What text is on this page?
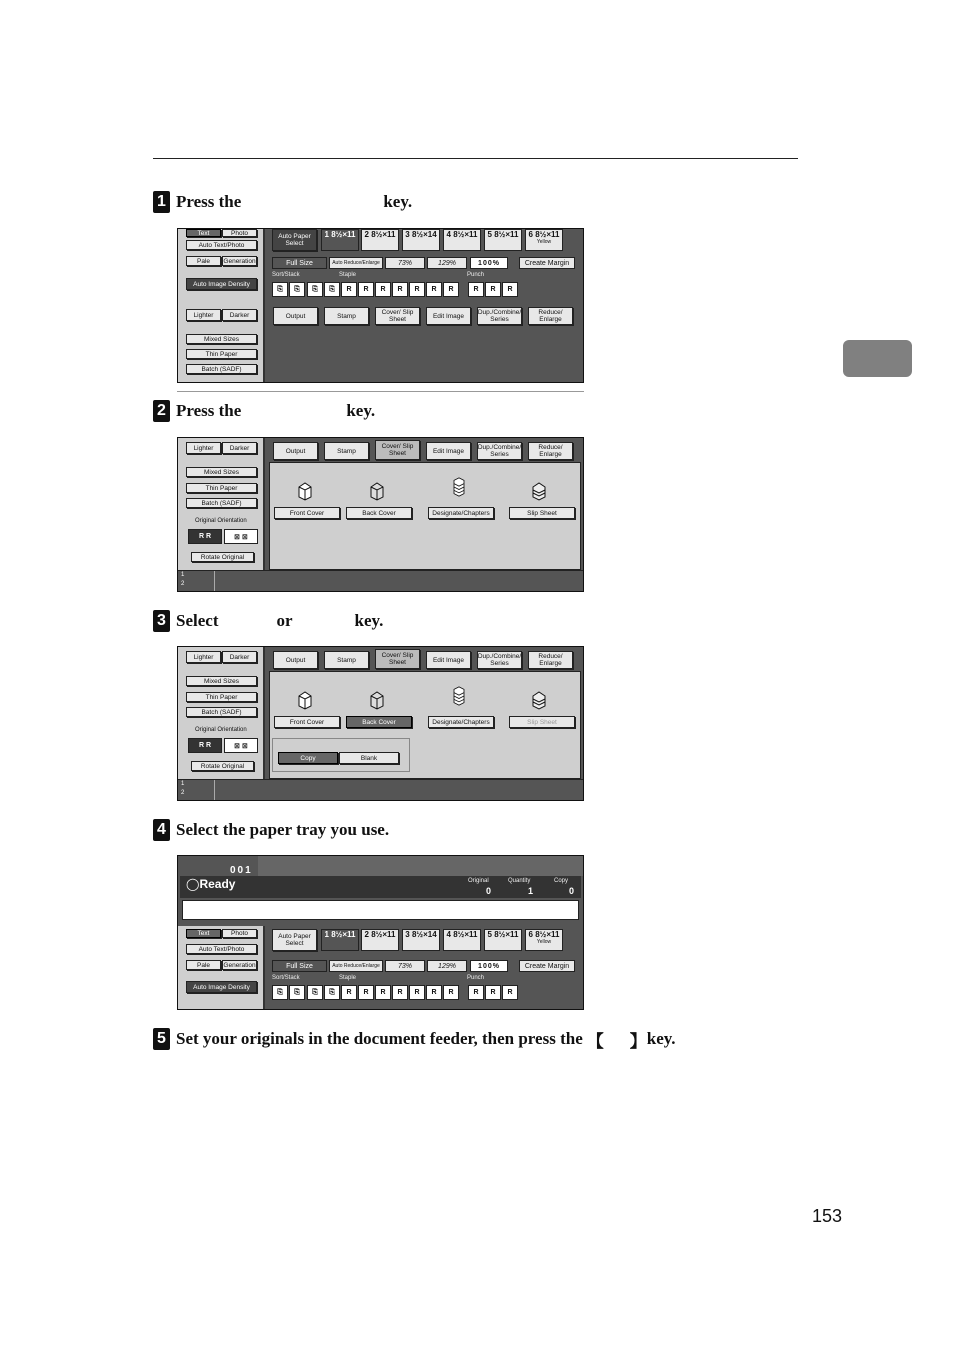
1 Press the	key.
Text	Photo
Auto Text/Photo
Pale	Generation
Auto Image Density
Lighter	Darker
Mixed Sizes
Thin Paper
Batch (SADF)
Auto Paper Select
1 8½×11	2 8½×11	3 8½×14	4 8½×11	5 8½×11	6 8½×11
Yellow
Full Size	Auto Reduce/Enlarge	73%	129%	100%	Create Margin
Sort/Stack	Staple	Punch
⎘	⎘	⎘	⎘	R	R	R	R	R	R	R	R	R	R
Output	Stamp	Cover/ Slip Sheet	Edit Image	Dup./Combine/ Series
Reduce/ Enlarge
2 Press the	key.
Lighter	Darker
Mixed Sizes
Thin Paper
Batch (SADF)
Original Orientation
R R	⊠ ⊠
Rotate Original
Output	Stamp
Cover/ Slip Sheet	Edit Image	Dup./Combine/ Series
Reduce/ Enlarge
Front Cover	Back Cover	Designate/Chapters	Slip Sheet
1
2
3 Select	or	key.
Lighter	Darker
Mixed Sizes
Thin Paper
Batch (SADF)
Original Orientation
R R	⊠ ⊠
Rotate Original
Output	Stamp
Cover/ Slip Sheet	Edit Image	Dup./Combine/ Series
Reduce/ Enlarge
Front Cover	Back Cover	Designate/Chapters	Slip Sheet
Copy	Blank
1
2
4 Select the paper tray you use.
001
◯Ready	Original
0
Quantity
1
Copy
0
Text	Photo
Auto Text/Photo
Pale	Generation
Auto Image Density
Auto Paper Select
1 8½×11	2 8½×11	3 8½×14	4 8½×11	5 8½×11	6 8½×11
Yellow
Full Size	Auto Reduce/Enlarge	73%	129%	100%	Create Margin
Sort/Stack	Staple	Punch
⎘	⎘	⎘	⎘	R	R	R	R	R	R	R	R	R	R
5 Set your originals in the document feeder, then press the 【 】 key.
153
